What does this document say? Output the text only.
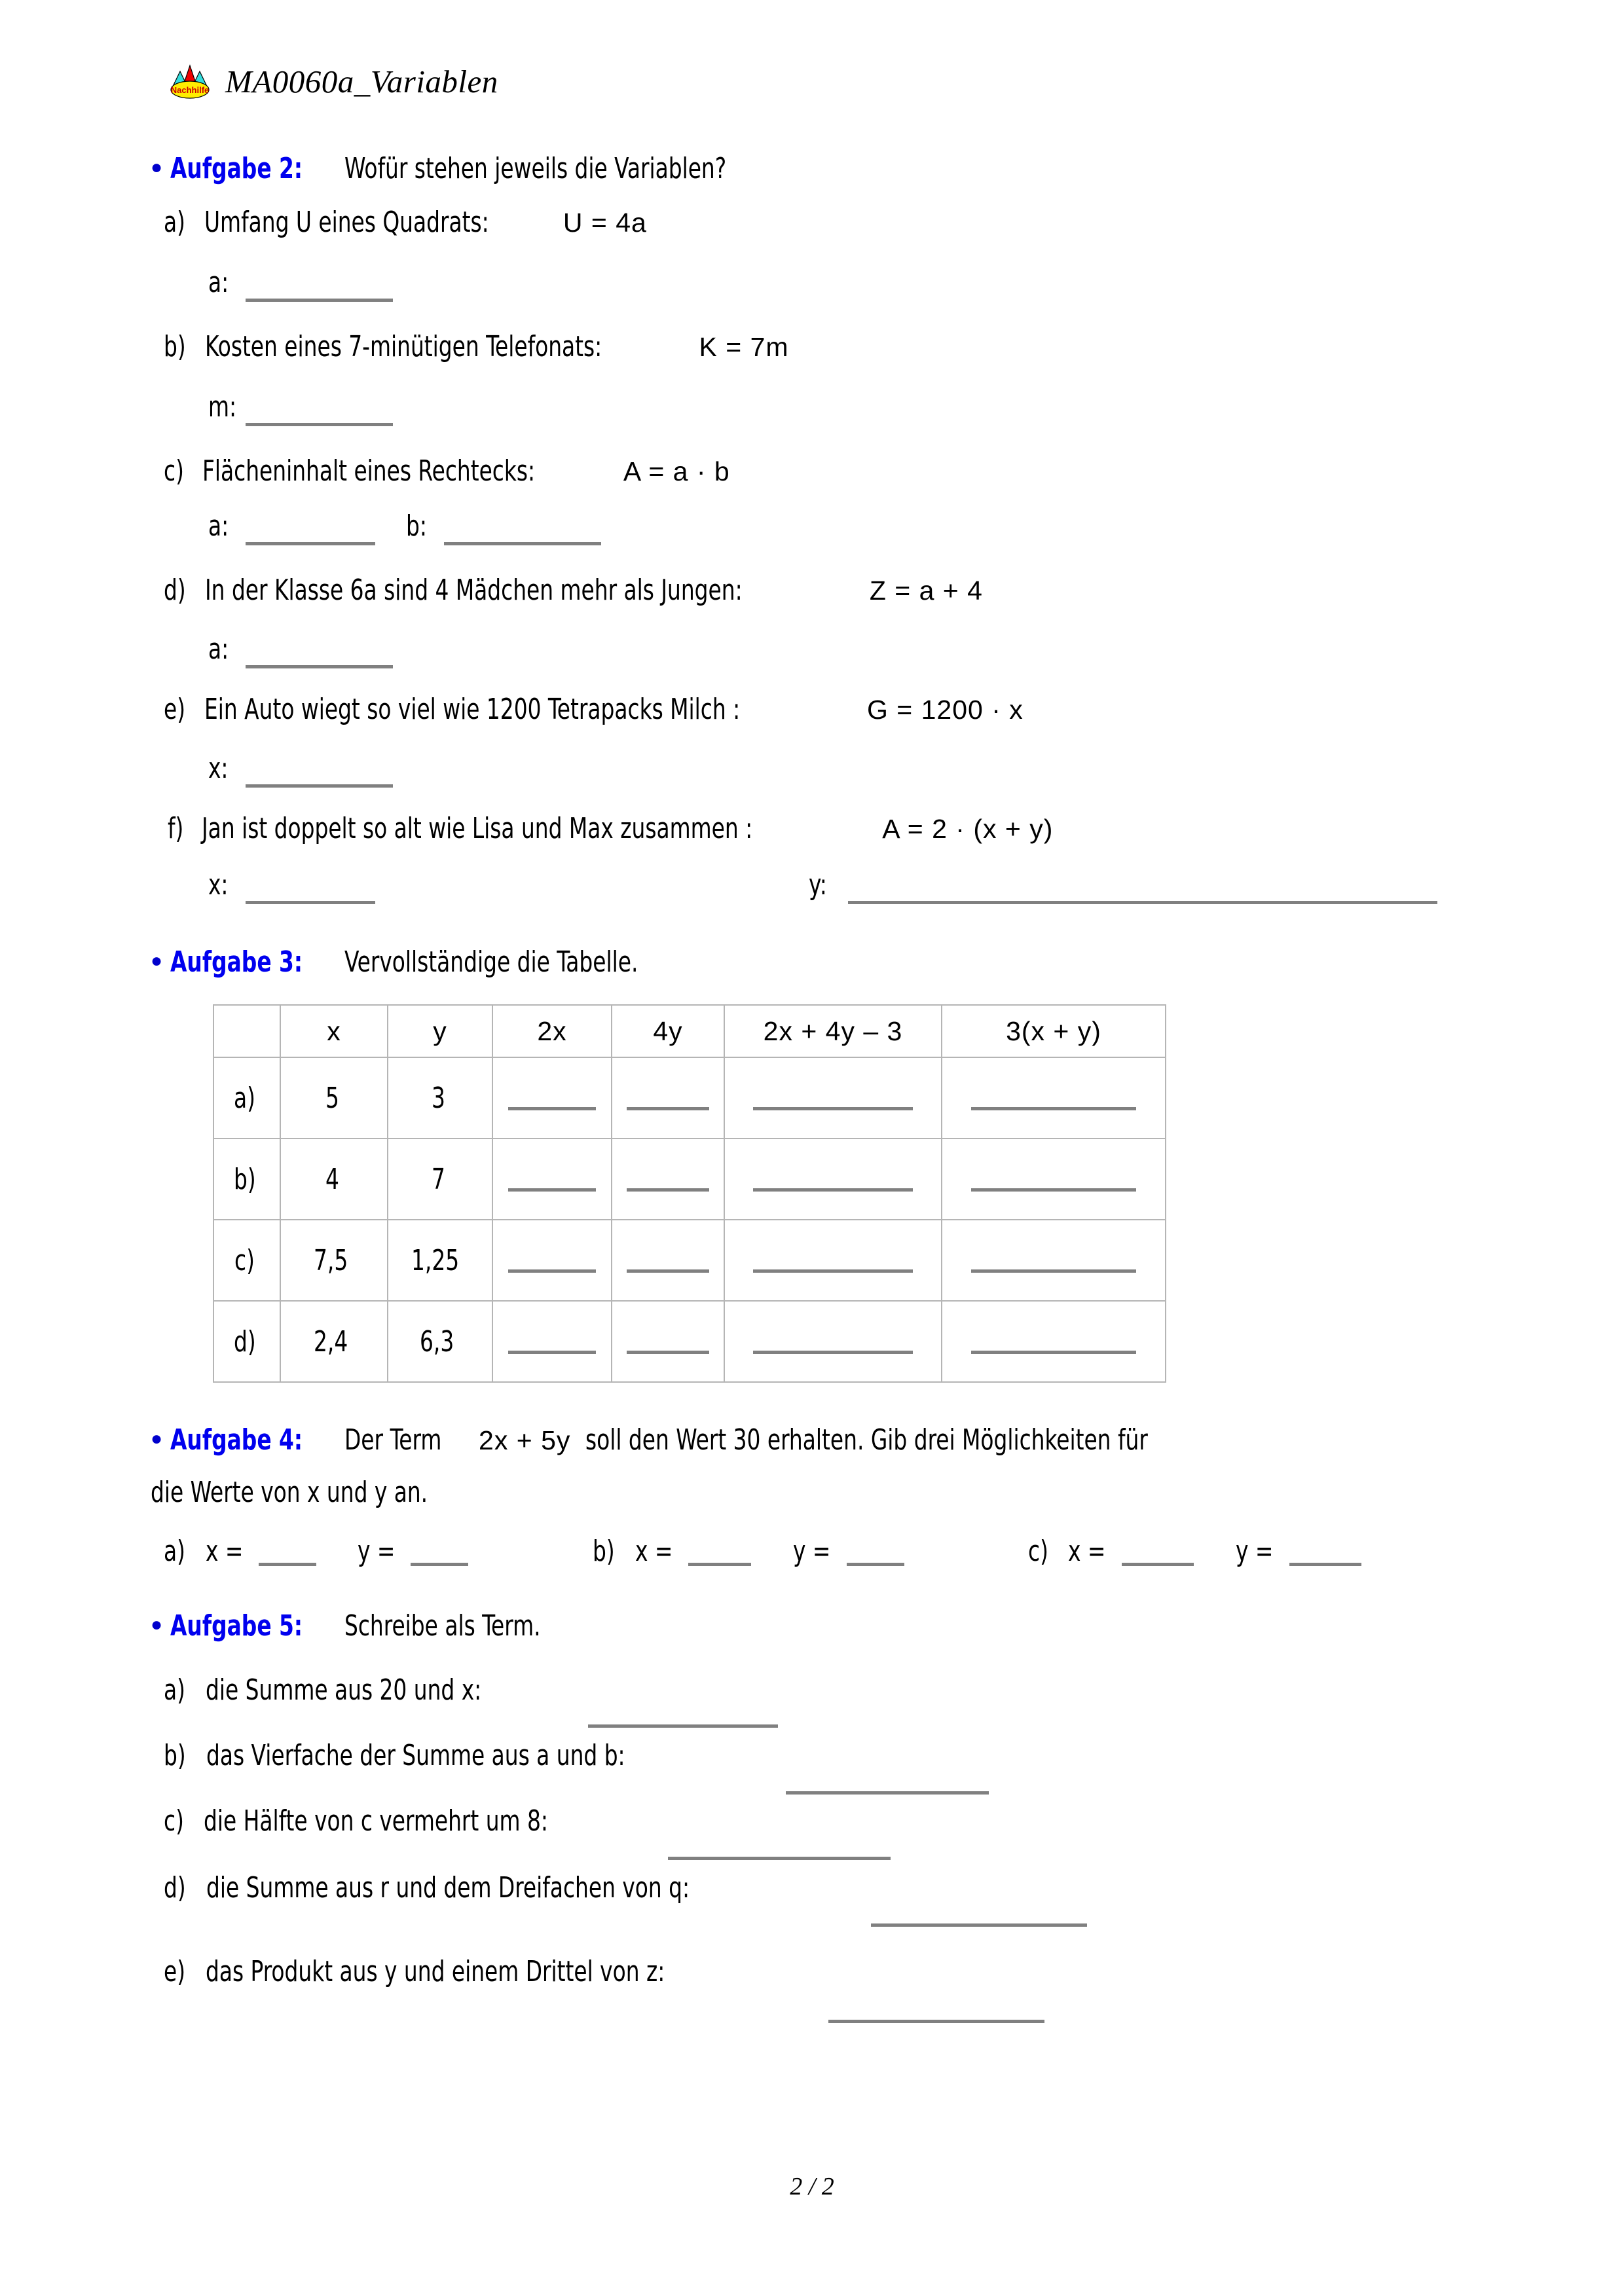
Nachhilfe MA0060a_Variablen
● Aufgabe 2: Wofür stehen jeweils die Variablen?
a) Umfang U eines Quadrats:	U = 4a
a:
b) Kosten eines 7-minütigen Telefonats:	K = 7m
m:
c) Flächeninhalt eines Rechtecks:	A = a · b
a:	b:
d) In der Klasse 6a sind 4 Mädchen mehr als Jungen:	Z = a + 4
a:
e) Ein Auto wiegt so viel wie 1200 Tetrapacks Milch :	G = 1200 · x
x:
f) Jan ist doppelt so alt wie Lisa und Max zusammen :	A = 2 · (x + y)
x:	y:
● Aufgabe 3: Vervollständige die Tabelle.
	x	y	2x	4y	2x + 4y – 3	3(x + y)
a)	5	3	

b)	4	7	

c)	7,5	1,25	

d)	2,4	6,3	

● Aufgabe 4: Der Term 2x + 5y soll den Wert 30 erhalten. Gib drei Möglichkeiten für
die Werte von x und y an.
a) x =	y =	b) x =	y =	c) x =	y =
● Aufgabe 5: Schreibe als Term.
a) die Summe aus 20 und x:
b) das Vierfache der Summe aus a und b:
c) die Hälfte von c vermehrt um 8:
d) die Summe aus r und dem Dreifachen von q:
e) das Produkt aus y und einem Drittel von z:
2 / 2
